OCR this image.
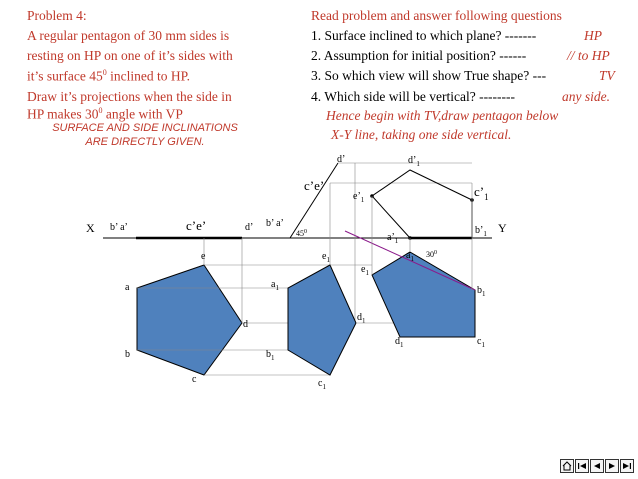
Problem 4:
A regular pentagon of 30 mm sides is
resting on HP on one of it’s sides with
it’s surface $45^0$ inclined to HP.
Draw it’s projections when the side in
HP makes $30^0$ angle with VP
SURFACE AND SIDE INCLINATIONS
ARE DIRECTLY GIVEN.
Read problem and answer following questions
1. Surface inclined to which plane? -------	HP
2. Assumption for initial position? ------	// to HP
3. So which view will show True shape? ---	TV
4. Which side will be vertical? --------	any side.
Hence begin with TV,draw pentagon below
X-Y line, taking one side vertical.
X	Y
b’ a’	c’e’	d’
a
b
c
d
e
b’ a’
c’e’
d’
$45^0$
$a_1$
$b_1$
$c_1$
$d_1$
$e_1$
$d’_1$
$e’_1$
$c’_1$
$a’_1$
$b’_1$
$30^0$
$a_1$
$b_1$
$c_1$
$d_1$
$e_1$
